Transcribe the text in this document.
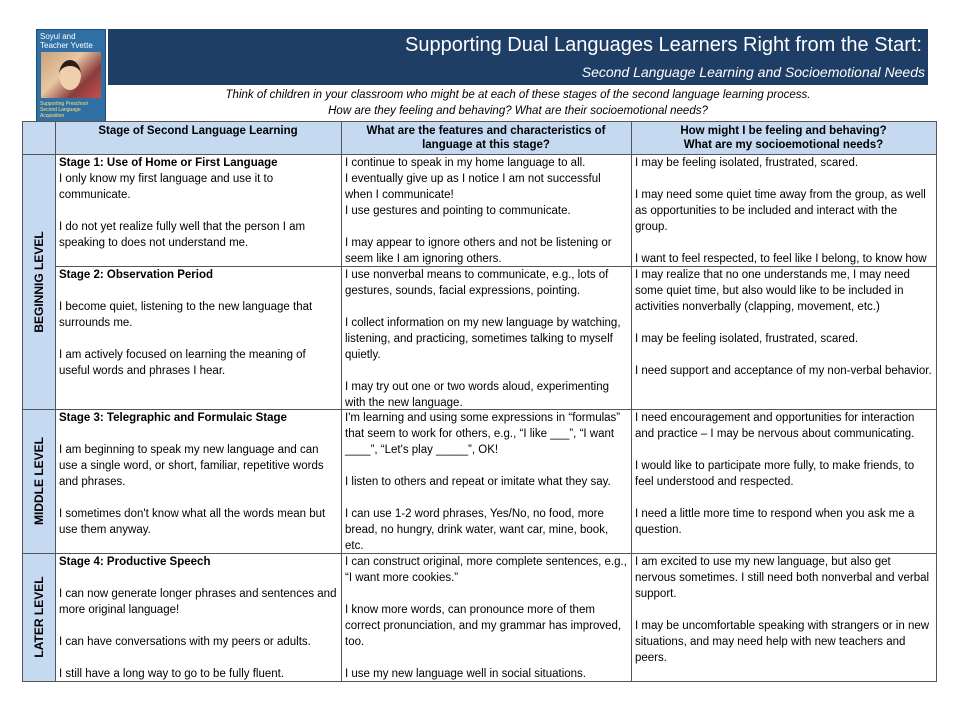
Soyul and Teacher Yvette
Supporting Preschool Second Language Acquisition
Supporting Dual Languages Learners Right from the Start:
Second Language Learning and Socioemotional Needs
Think of children in your classroom who might be at each of these stages of the second language learning process.
How are they feeling and behaving? What are their socioemotional needs?
Stage of Second Language Learning	What are the features and characteristics of
language at this stage?
How might I be feeling and behaving?
What are my socioemotional needs?
BEGINNIG LEVEL
MIDDLE LEVEL
LATER LEVEL
Stage 1: Use of Home or First Language

I only know my first language and use it to communicate.

I do not yet realize fully well that the person I am speaking to does not understand me.

I continue to speak in my home language to all.

I eventually give up as I notice I am not successful when I communicate!

I use gestures and pointing to communicate.

I may appear to ignore others and not be listening or seem like I am ignoring others.

I may be feeling isolated, frustrated, scared.

I may need some quiet time away from the group, as well as opportunities to be included and interact with the group.

I want to feel respected, to feel like I belong, to know how

Stage 2: Observation Period

I become quiet, listening to the new language that surrounds me.

I am actively focused on learning the meaning of useful words and phrases I hear.

I use nonverbal means to communicate, e.g., lots of gestures, sounds, facial expressions, pointing.

I collect information on my new language by watching, listening, and practicing, sometimes talking to myself quietly.

I may try out one or two words aloud, experimenting with the new language.

I may realize that no one understands me, I may need some quiet time, but also would like to be included in activities nonverbally (clapping, movement, etc.)

I may be feeling isolated, frustrated, scared.

I need support and acceptance of my non-verbal behavior.

Stage 3: Telegraphic and Formulaic Stage

I am beginning to speak my new language and can use a single word, or short, familiar, repetitive words and phrases.

I sometimes don't know what all the words mean but use them anyway.

I'm learning and using some expressions in “formulas” that seem to work for others, e.g., “I like ___”, “I want ____”, “Let's play _____”, OK!

I listen to others and repeat or imitate what they say.

I can use 1-2 word phrases, Yes/No, no food, more bread, no hungry, drink water, want car, mine, book, etc.

I need encouragement and opportunities for interaction and practice – I may be nervous about communicating.

I would like to participate more fully, to make friends, to feel understood and respected.

I need a little more time to respond when you ask me a question.

Stage 4: Productive Speech

I can now generate longer phrases and sentences and more original language!

I can have conversations with my peers or adults.

I still have a long way to go to be fully fluent.

I can construct original, more complete sentences, e.g., “I want more cookies.”

I know more words, can pronounce more of them correct pronunciation, and my grammar has improved, too.

I use my new language well in social situations.

I am excited to use my new language, but also get nervous sometimes. I still need both nonverbal and verbal support.

I may be uncomfortable speaking with strangers or in new situations, and may need help with new teachers and peers.
